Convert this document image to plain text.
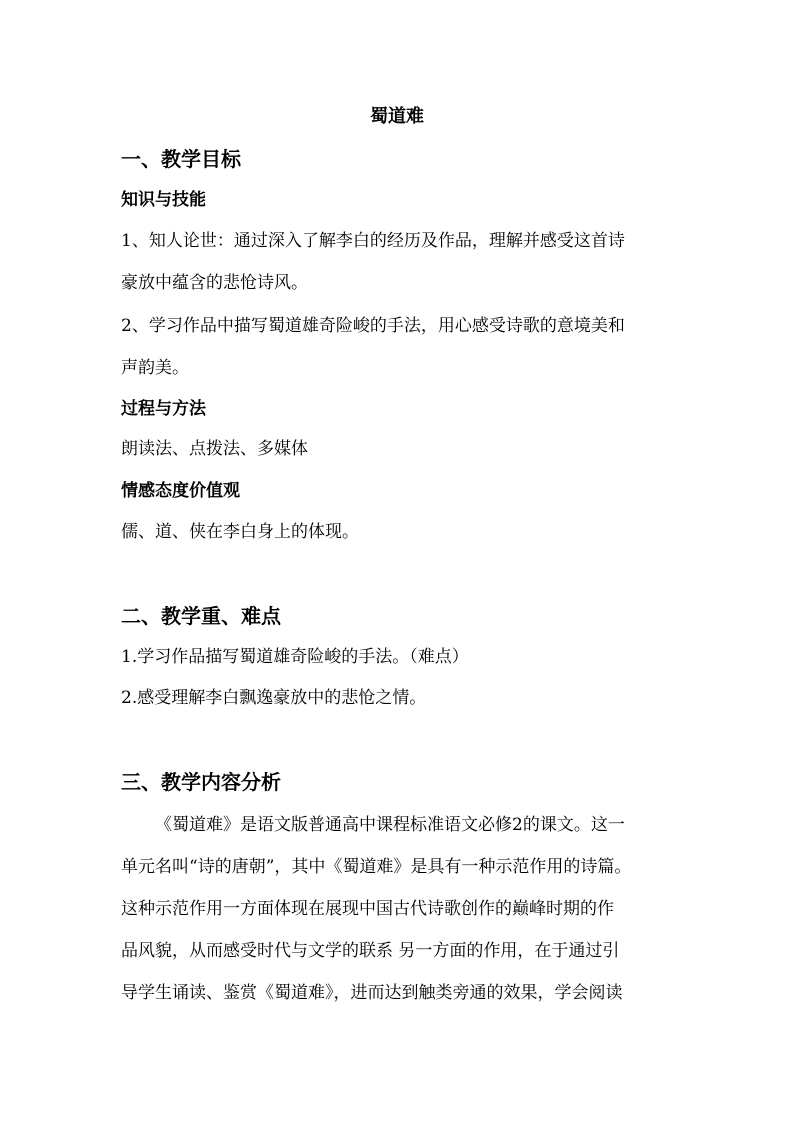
蜀道难
一、教学目标
知识与技能
1、知人论世：通过深入了解李白的经历及作品，理解并感受这首诗
豪放中蕴含的悲怆诗风。
2、学习作品中描写蜀道雄奇险峻的手法，用心感受诗歌的意境美和
声韵美。
过程与方法
朗读法、点拨法、多媒体
情感态度价值观
儒、道、侠在李白身上的体现。
二、教学重、难点
1.学习作品描写蜀道雄奇险峻的手法。（难点）
2.感受理解李白飘逸豪放中的悲怆之情。
三、教学内容分析
《蜀道难》是语文版普通高中课程标准语文必修2的课文。这一
单元名叫“诗的唐朝”，其中《蜀道难》是具有一种示范作用的诗篇。
这种示范作用一方面体现在展现中国古代诗歌创作的巅峰时期的作
品风貌，从而感受时代与文学的联系 另一方面的作用，在于通过引
导学生诵读、鉴赏《蜀道难》，进而达到触类旁通的效果，学会阅读
